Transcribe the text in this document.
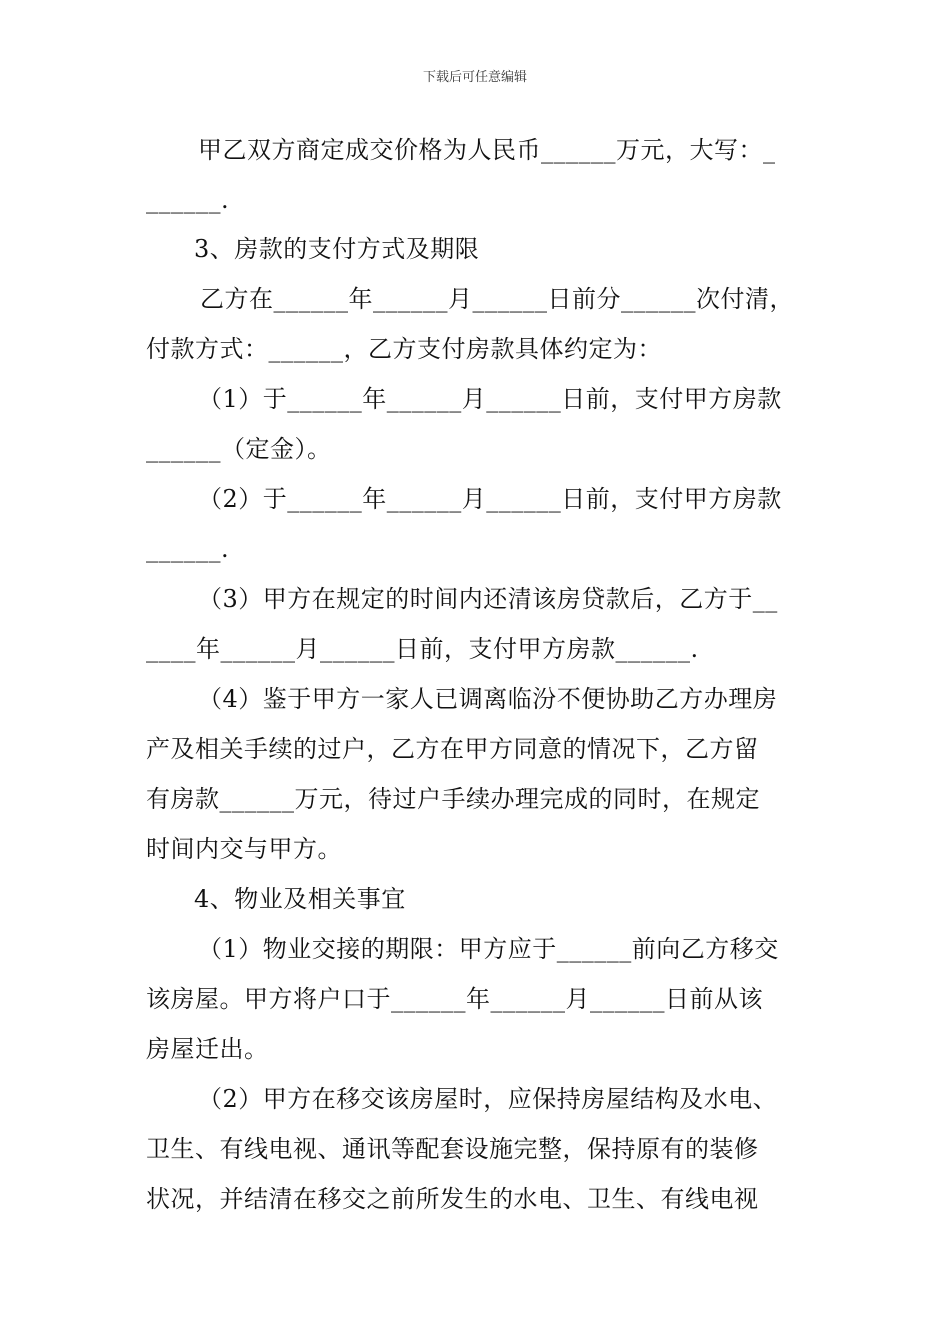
下载后可任意编辑
甲乙双方商定成交价格为人民币______万元，大写：_
______.
3、房款的支付方式及期限
乙方在______年______月______日前分______次付清，
付款方式：______，乙方支付房款具体约定为：
（1）于______年______月______日前，支付甲方房款
______（定金）。
（2）于______年______月______日前，支付甲方房款
______.
（3）甲方在规定的时间内还清该房贷款后，乙方于__
____年______月______日前，支付甲方房款______.
（4）鉴于甲方一家人已调离临汾不便协助乙方办理房
产及相关手续的过户，乙方在甲方同意的情况下，乙方留
有房款______万元，待过户手续办理完成的同时，在规定
时间内交与甲方。
4、物业及相关事宜
（1）物业交接的期限：甲方应于______前向乙方移交
该房屋。甲方将户口于______年______月______日前从该
房屋迁出。
（2）甲方在移交该房屋时，应保持房屋结构及水电、
卫生、有线电视、通讯等配套设施完整，保持原有的装修
状况，并结清在移交之前所发生的水电、卫生、有线电视
